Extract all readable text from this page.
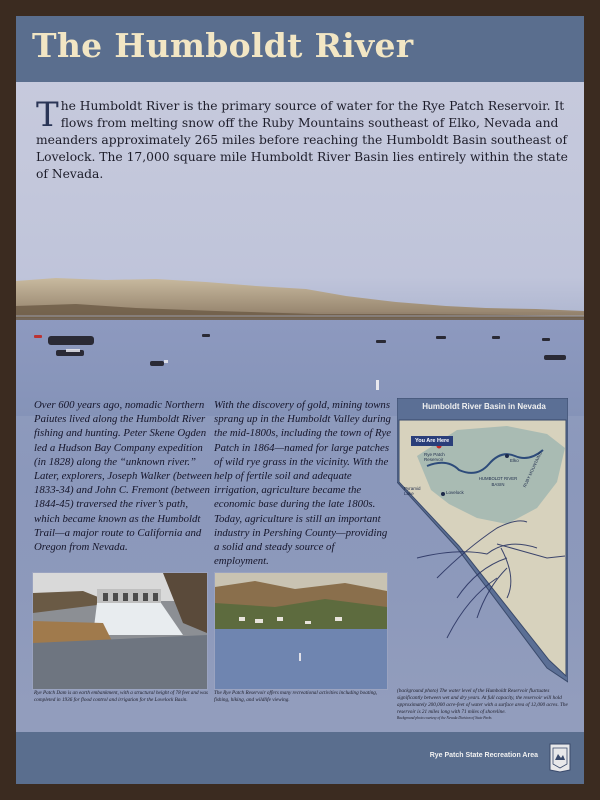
The Humboldt River
The Humboldt River is the primary source of water for the Rye Patch Reservoir. It flows from melting snow off the Ruby Mountains southeast of Elko, Nevada and meanders approximately 265 miles before reaching the Humboldt Basin southeast of Lovelock. The 17,000 square mile Humboldt River Basin lies entirely within the state of Nevada.
Over 600 years ago, nomadic Northern Paiutes lived along the Humboldt River fishing and hunting. Peter Skene Ogden led a Hudson Bay Company expedition (in 1828) along the “unknown river.” Later, explorers, Joseph Walker (between 1833-34) and John C. Fremont (between 1844-45) traversed the river’s path, which became known as the Humboldt Trail—a major route to California and Oregon from Nevada.
With the discovery of gold, mining towns sprang up in the Humboldt Valley during the mid-1800s, including the town of Rye Patch in 1864—named for large patches of wild rye grass in the vicinity. With the help of fertile soil and adequate irrigation, agriculture became the economic base during the late 1800s. Today, agriculture is still an important industry in Pershing County—providing a solid and steady source of employment.
Humboldt River Basin in Nevada
You Are Here
Rye Patch Reservoir
Pyramid Lake	Lovelock
Elko
HUMBOLDT RIVER BASIN	RUBY MOUNTAINS
Rye Patch Dam is an earth embankment, with a structural height of 78 feet and was completed in 1936 for flood control and irrigation for the Lovelock Basin.
The Rye Patch Reservoir offers many recreational activities including boating, fishing, hiking, and wildlife viewing.
(background photo) The water level of the Humboldt Reservoir fluctuates significantly between wet and dry years. At full capacity, the reservoir will hold approximately 200,000 acre-feet of water with a surface area of 12,000 acres. The reservoir is 21 miles long with 71 miles of shoreline.
Background photo courtesy of the Nevada Division of State Parks
Rye Patch State Recreation Area
